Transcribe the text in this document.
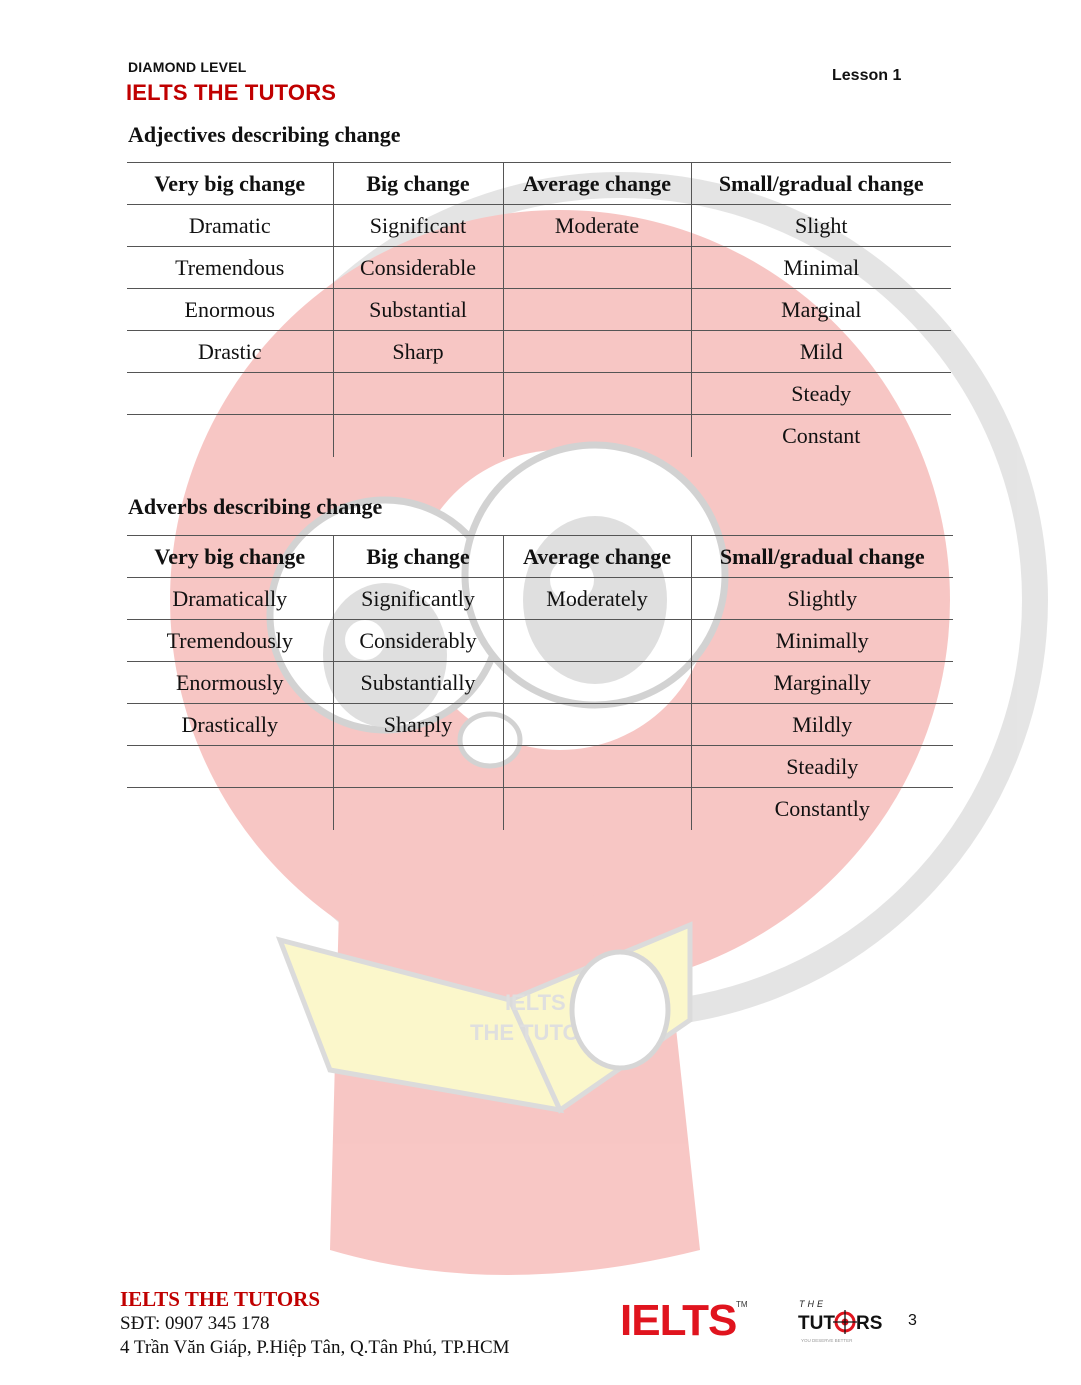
IELTS
THE TUTORS
DIAMOND LEVEL
IELTS THE TUTORS
Lesson 1
Adjectives describing change
Very big change	Big change	Average change	Small/gradual change
Dramatic	Significant	Moderate	Slight
Tremendous	Considerable		Minimal
Enormous	Substantial		Marginal
Drastic	Sharp		Mild
			Steady
			Constant
Adverbs describing change
Very big change	Big change	Average change	Small/gradual change
Dramatically	Significantly	Moderately	Slightly
Tremendously	Considerably		Minimally
Enormously	Substantially		Marginally
Drastically	Sharply		Mildly
			Steadily
			Constantly
IELTS THE TUTORS
SĐT: 0907 345 178
4 Trần Văn Giáp, P.Hiệp Tân, Q.Tân Phú, TP.HCM
IELTS TM	THE
TUT RS
YOU DESERVE BETTER
3
